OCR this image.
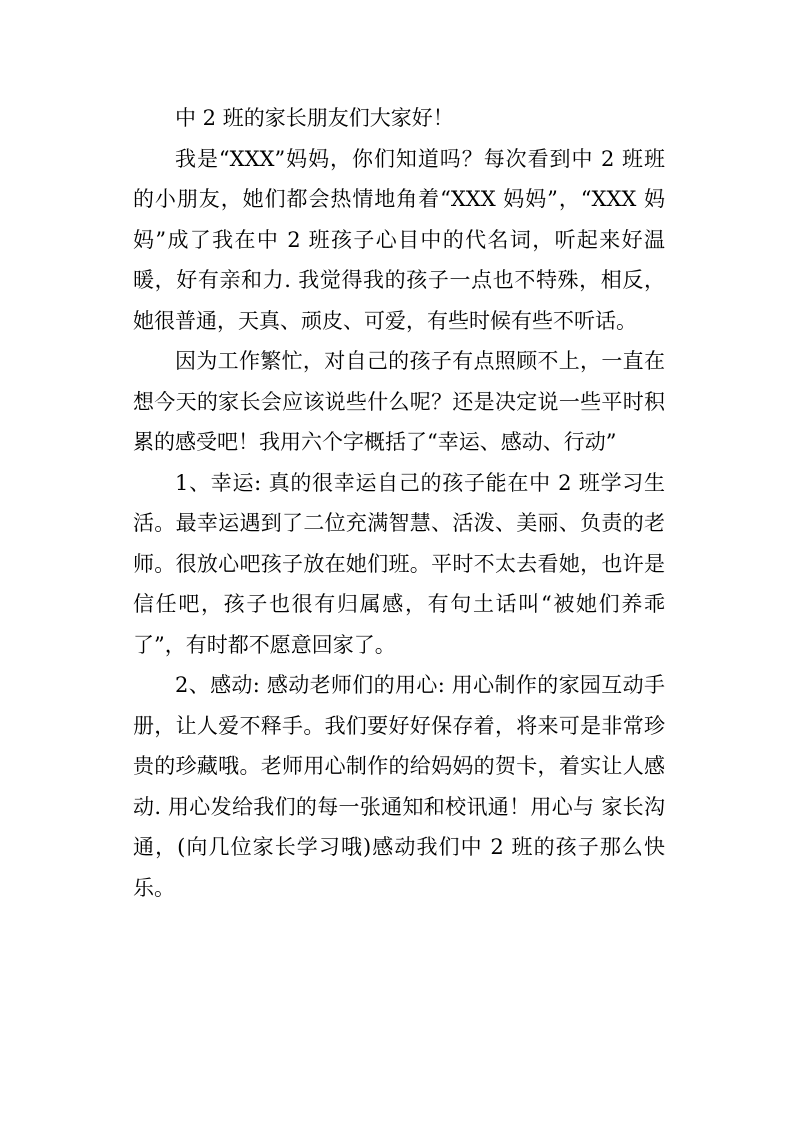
中 2 班的家长朋友们大家好！

我是“XXX”妈妈，你们知道吗？每次看到中 2 班班的小朋友，她们都会热情地角着“XXX 妈妈”，“XXX 妈妈”成了我在中 2 班孩子心目中的代名词，听起来好温暖，好有亲和力. 我觉得我的孩子一点也不特殊，相反，她很普通，天真、顽皮、可爱，有些时候有些不听话。

因为工作繁忙，对自己的孩子有点照顾不上，一直在想今天的家长会应该说些什么呢？还是决定说一些平时积累的感受吧！我用六个字概括了“幸运、感动、行动”

1、幸运: 真的很幸运自己的孩子能在中 2 班学习生活。最幸运遇到了二位充满智慧、活泼、美丽、负责的老师。很放心吧孩子放在她们班。平时不太去看她，也许是信任吧，孩子也很有归属感，有句土话叫“被她们养乖了”，有时都不愿意回家了。

2、感动: 感动老师们的用心: 用心制作的家园互动手册，让人爱不释手。我们要好好保存着，将来可是非常珍贵的珍藏哦。老师用心制作的给妈妈的贺卡，着实让人感动. 用心发给我们的每一张通知和校讯通！用心与 家长沟通，(向几位家长学习哦)感动我们中 2 班的孩子那么快乐。
